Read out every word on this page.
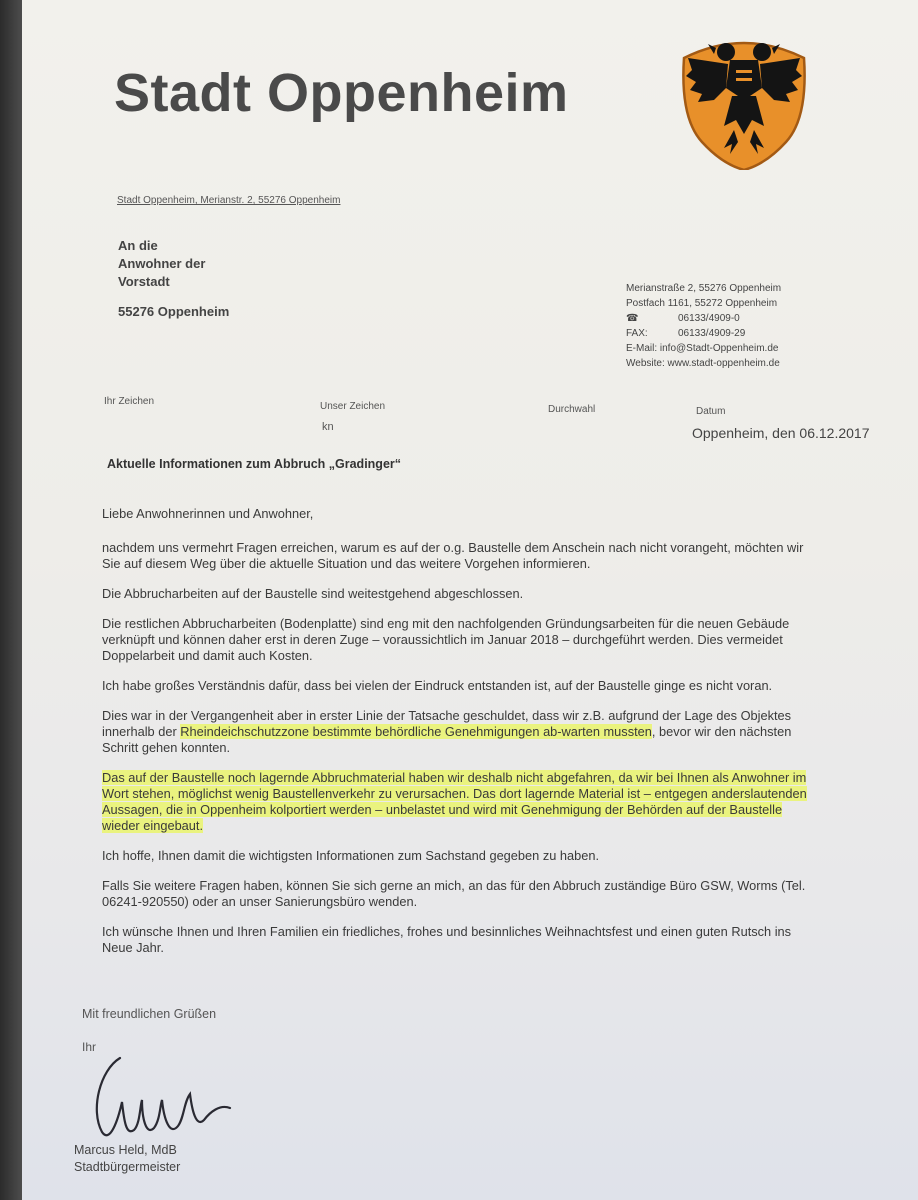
Stadt Oppenheim
Stadt Oppenheim, Merianstr. 2, 55276 Oppenheim
An die
Anwohner der
Vorstadt
55276 Oppenheim
Merianstraße 2, 55276 Oppenheim
Postfach 1161, 55272 Oppenheim
☎	06133/4909-0
FAX:	06133/4909-29
E-Mail: info@Stadt-Oppenheim.de
Website: www.stadt-oppenheim.de
Ihr Zeichen	Unser Zeichen
kn
Durchwahl	Datum
Oppenheim, den 06.12.2017
Aktuelle Informationen zum Abbruch „Gradinger“

Liebe Anwohnerinnen und Anwohner,

nachdem uns vermehrt Fragen erreichen, warum es auf der o.g. Baustelle dem Anschein nach nicht vorangeht, möchten wir Sie auf diesem Weg über die aktuelle Situation und das weitere Vorgehen informieren.

Die Abbrucharbeiten auf der Baustelle sind weitestgehend abgeschlossen.

Die restlichen Abbrucharbeiten (Bodenplatte) sind eng mit den nachfolgenden Gründungsarbeiten für die neuen Gebäude verknüpft und können daher erst in deren Zuge – voraussichtlich im Januar 2018 – durchgeführt werden. Dies vermeidet Doppelarbeit und damit auch Kosten.

Ich habe großes Verständnis dafür, dass bei vielen der Eindruck entstanden ist, auf der Baustelle ginge es nicht voran.

Dies war in der Vergangenheit aber in erster Linie der Tatsache geschuldet, dass wir z.B. aufgrund der Lage des Objektes innerhalb der Rheindeichschutzzone bestimmte behördliche Genehmigungen ab-warten mussten, bevor wir den nächsten Schritt gehen konnten.

Das auf der Baustelle noch lagernde Abbruchmaterial haben wir deshalb nicht abgefahren, da wir bei Ihnen als Anwohner im Wort stehen, möglichst wenig Baustellenverkehr zu verursachen. Das dort lagernde Material ist – entgegen anderslautenden Aussagen, die in Oppenheim kolportiert werden – unbelastet und wird mit Genehmigung der Behörden auf der Baustelle wieder eingebaut.

Ich hoffe, Ihnen damit die wichtigsten Informationen zum Sachstand gegeben zu haben.

Falls Sie weitere Fragen haben, können Sie sich gerne an mich, an das für den Abbruch zuständige Büro GSW, Worms (Tel. 06241-920550) oder an unser Sanierungsbüro wenden.

Ich wünsche Ihnen und Ihren Familien ein friedliches, frohes und besinnliches Weihnachtsfest und einen guten Rutsch ins Neue Jahr.

Mit freundlichen Grüßen
Ihr
Marcus Held, MdB
Stadtbürgermeister
